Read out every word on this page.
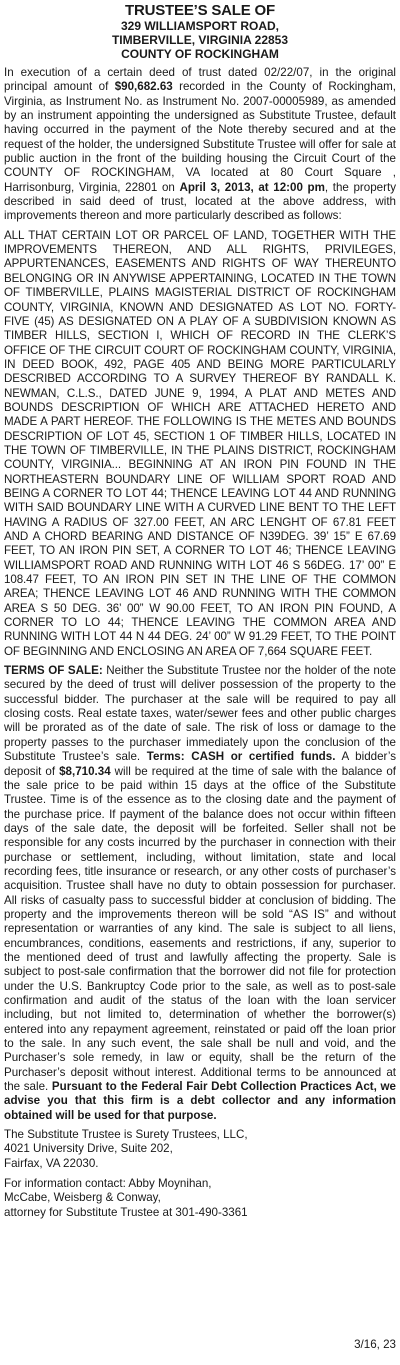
TRUSTEE’S SALE OF
329 WILLIAMSPORT ROAD,
TIMBERVILLE, VIRGINIA 22853
COUNTY OF ROCKINGHAM

In execution of a certain deed of trust dated 02/22/07, in the original principal amount of $90,682.63 recorded in the County of Rockingham, Virginia, as Instrument No. as Instrument No. 2007-00005989, as amended by an instrument appointing the undersigned as Substitute Trustee, default having occurred in the payment of the Note thereby secured and at the request of the holder, the undersigned Substitute Trustee will offer for sale at public auction in the front of the building housing the Circuit Court of the COUNTY OF ROCKINGHAM, VA located at 80 Court Square , Harrisonburg, Virginia, 22801 on April 3, 2013, at 12:00 pm, the property described in said deed of trust, located at the above address, with improvements thereon and more particularly described as follows:

ALL THAT CERTAIN LOT OR PARCEL OF LAND, TOGETHER WITH THE IMPROVEMENTS THEREON, AND ALL RIGHTS, PRIVILEGES, APPURTENANCES, EASEMENTS AND RIGHTS OF WAY THEREUNTO BELONGING OR IN ANYWISE APPERTAINING, LOCATED IN THE TOWN OF TIMBERVILLE, PLAINS MAGISTERIAL DISTRICT OF ROCKINGHAM COUNTY, VIRGINIA, KNOWN AND DESIGNATED AS LOT NO. FORTY-FIVE (45) AS DESIGNATED ON A PLAY OF A SUBDIVISION KNOWN AS TIMBER HILLS, SECTION I, WHICH OF RECORD IN THE CLERK’S OFFICE OF THE CIRCUIT COURT OF ROCKINGHAM COUNTY, VIRGINIA, IN DEED BOOK, 492, PAGE 405 AND BEING MORE PARTICULARLY DESCRIBED ACCORDING TO A SURVEY THEREOF BY RANDALL K. NEWMAN, C.L.S., DATED JUNE 9, 1994, A PLAT AND METES AND BOUNDS DESCRIPTION OF WHICH ARE ATTACHED HERETO AND MADE A PART HEREOF. THE FOLLOWING IS THE METES AND BOUNDS DESCRIPTION OF LOT 45, SECTION 1 OF TIMBER HILLS, LOCATED IN THE TOWN OF TIMBERVILLE, IN THE PLAINS DISTRICT, ROCKINGHAM COUNTY, VIRGINIA... BEGINNING AT AN IRON PIN FOUND IN THE NORTHEASTERN BOUNDARY LINE OF WILLIAM SPORT ROAD AND BEING A CORNER TO LOT 44; THENCE LEAVING LOT 44 AND RUNNING WITH SAID BOUNDARY LINE WITH A CURVED LINE BENT TO THE LEFT HAVING A RADIUS OF 327.00 FEET, AN ARC LENGHT OF 67.81 FEET AND A CHORD BEARING AND DISTANCE OF N39DEG. 39’ 15” E 67.69 FEET, TO AN IRON PIN SET, A CORNER TO LOT 46; THENCE LEAVING WILLIAMSPORT ROAD AND RUNNING WITH LOT 46 S 56DEG. 17’ 00” E 108.47 FEET, TO AN IRON PIN SET IN THE LINE OF THE COMMON AREA; THENCE LEAVING LOT 46 AND RUNNING WITH THE COMMON AREA S 50 DEG. 36’ 00” W 90.00 FEET, TO AN IRON PIN FOUND, A CORNER TO LO 44; THENCE LEAVING THE COMMON AREA AND RUNNING WITH LOT 44 N 44 DEG. 24’ 00” W 91.29 FEET, TO THE POINT OF BEGINNING AND ENCLOSING AN AREA OF 7,664 SQUARE FEET.

TERMS OF SALE: Neither the Substitute Trustee nor the holder of the note secured by the deed of trust will deliver possession of the property to the successful bidder. The purchaser at the sale will be required to pay all closing costs. Real estate taxes, water/sewer fees and other public charges will be prorated as of the date of sale. The risk of loss or damage to the property passes to the purchaser immediately upon the conclusion of the Substitute Trustee’s sale. Terms: CASH or certified funds. A bidder’s deposit of $8,710.34 will be required at the time of sale with the balance of the sale price to be paid within 15 days at the office of the Substitute Trustee. Time is of the essence as to the closing date and the payment of the purchase price. If payment of the balance does not occur within fifteen days of the sale date, the deposit will be forfeited. Seller shall not be responsible for any costs incurred by the purchaser in connection with their purchase or settlement, including, without limitation, state and local recording fees, title insurance or research, or any other costs of purchaser’s acquisition. Trustee shall have no duty to obtain possession for purchaser. All risks of casualty pass to successful bidder at conclusion of bidding. The property and the improvements thereon will be sold “AS IS” and without representation or warranties of any kind. The sale is subject to all liens, encumbrances, conditions, easements and restrictions, if any, superior to the mentioned deed of trust and lawfully affecting the property. Sale is subject to post-sale confirmation that the borrower did not file for protection under the U.S. Bankruptcy Code prior to the sale, as well as to post-sale confirmation and audit of the status of the loan with the loan servicer including, but not limited to, determination of whether the borrower(s) entered into any repayment agreement, reinstated or paid off the loan prior to the sale. In any such event, the sale shall be null and void, and the Purchaser’s sole remedy, in law or equity, shall be the return of the Purchaser’s deposit without interest. Additional terms to be announced at the sale. Pursuant to the Federal Fair Debt Collection Practices Act, we advise you that this firm is a debt collector and any information obtained will be used for that purpose.

The Substitute Trustee is Surety Trustees, LLC,

4021 University Drive, Suite 202,

Fairfax, VA 22030.

For information contact: Abby Moynihan,

McCabe, Weisberg & Conway,

attorney for Substitute Trustee at 301-490-3361

3/16, 23
